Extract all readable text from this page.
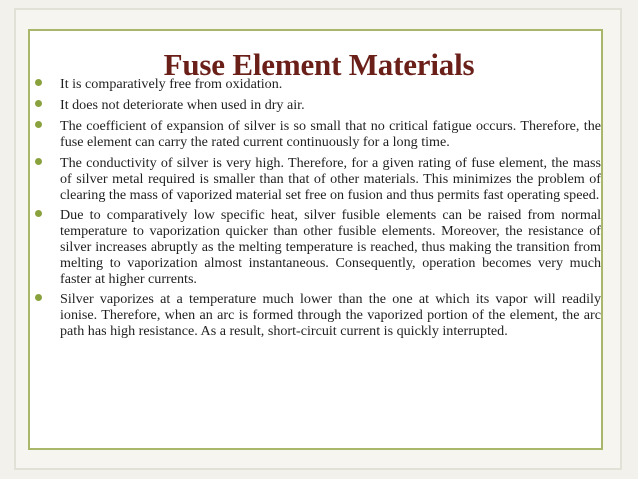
Fuse Element Materials
It is comparatively free from oxidation.
It does not deteriorate when used in dry air.
The coefficient of expansion of silver is so small that no critical fatigue occurs. Therefore, the fuse element can carry the rated current continuously for a long time.
The conductivity of silver is very high. Therefore, for a given rating of fuse element, the mass of silver metal required is smaller than that of other materials. This minimizes the problem of clearing the mass of vaporized material set free on fusion and thus permits fast operating speed.
Due to comparatively low specific heat, silver fusible elements can be raised from normal temperature to vaporization quicker than other fusible elements. Moreover, the resistance of silver increases abruptly as the melting temperature is reached, thus making the transition from melting to vaporization almost instantaneous. Consequently, operation becomes very much faster at higher currents.
Silver vaporizes at a temperature much lower than the one at which its vapor will readily ionise. Therefore, when an arc is formed through the vaporized portion of the element, the arc path has high resistance. As a result, short-circuit current is quickly interrupted.
